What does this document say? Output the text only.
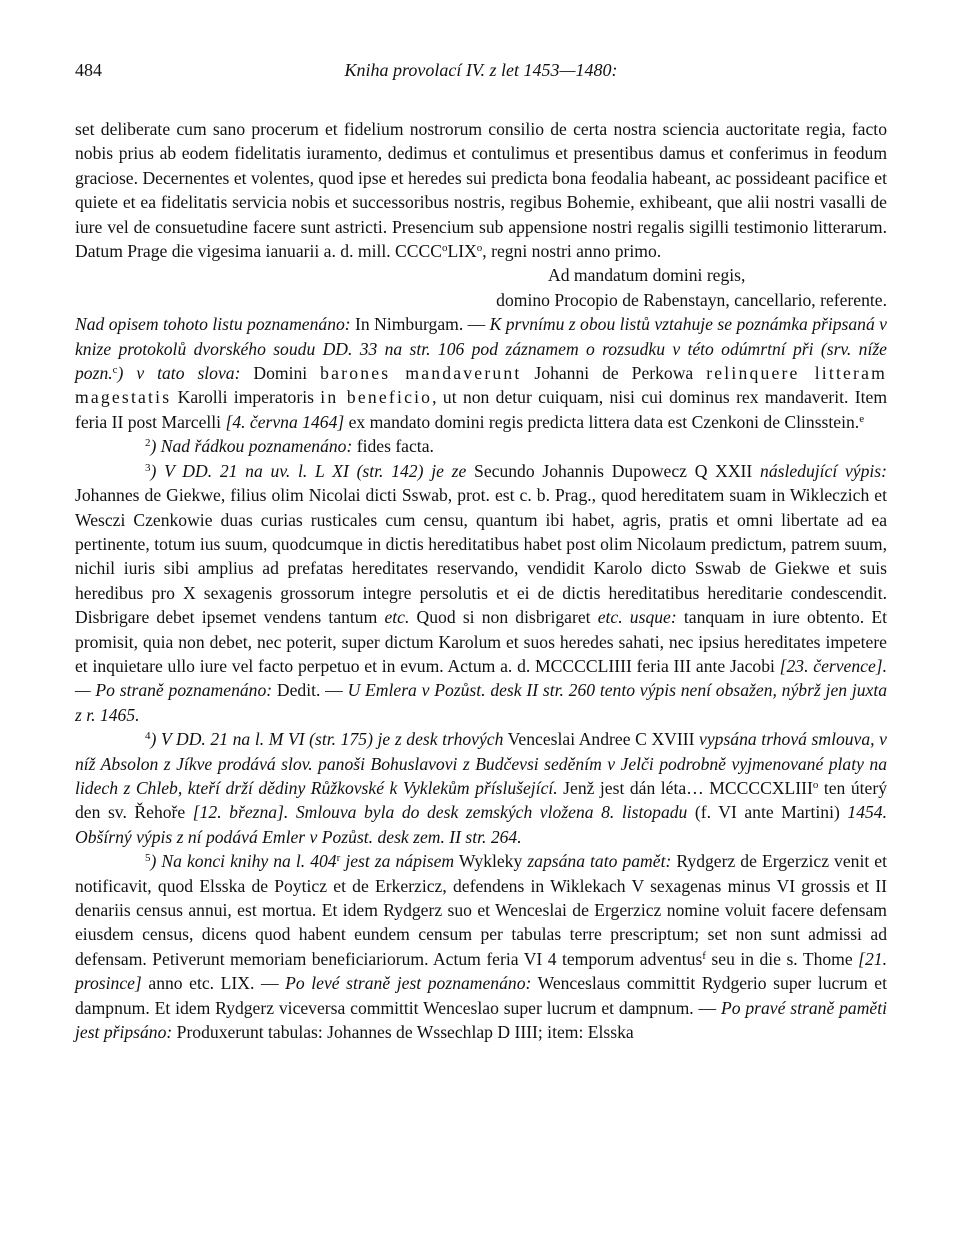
484	Kniha provolací IV. z let 1453—1480:

set deliberate cum sano procerum et fidelium nostrorum consilio de certa nostra sciencia auctoritate regia, facto nobis prius ab eodem fidelitatis iuramento, dedimus et contulimus et presentibus damus et conferimus in feodum graciose. Decernentes et volentes, quod ipse et heredes sui predicta bona feodalia habeant, ac possideant pacifice et quiete et ea fidelitatis servicia nobis et successoribus nostris, regibus Bohemie, exhibeant, que alii nostri vasalli de iure vel de consuetudine facere sunt astricti. Presencium sub appensione nostri regalis sigilli testimonio litterarum. Datum Prage die vigesima ianuarii a. d. mill. CCCC$^o$LIX$^o$, regni nostri anno primo.

Ad mandatum domini regis,

domino Procopio de Rabenstayn, cancellario, referente.

Nad opisem tohoto listu poznamenáno: In Nimburgam. — K prvnímu z obou listů vztahuje se poznámka připsaná v knize protokolů dvorského soudu DD. 33 na str. 106 pod záznamem o rozsudku v této odúmrtní při (srv. níže pozn.$^c$) v tato slova: Domini barones mandaverunt Johanni de Perkowa relinquere litteram magestatis Karolli imperatoris in beneficio, ut non detur cuiquam, nisi cui dominus rex mandaverit. Item feria II post Marcelli [4. června 1464] ex mandato domini regis predicta littera data est Czenkoni de Clinsstein.$^e$

$^2$) Nad řádkou poznamenáno: fides facta.

$^3$) V DD. 21 na uv. l. L XI (str. 142) je ze Secundo Johannis Dupowecz Q XXII následující výpis: Johannes de Giekwe, filius olim Nicolai dicti Sswab, prot. est c. b. Prag., quod hereditatem suam in Wikleczich et Wesczi Czenkowie duas curias rusticales cum censu, quantum ibi habet, agris, pratis et omni libertate ad ea pertinente, totum ius suum, quodcumque in dictis hereditatibus habet post olim Nicolaum predictum, patrem suum, nichil iuris sibi amplius ad prefatas hereditates reservando, vendidit Karolo dicto Sswab de Giekwe et suis heredibus pro X sexagenis grossorum integre persolutis et ei de dictis hereditatibus hereditarie condescendit. Disbrigare debet ipsemet vendens tantum etc. Quod si non disbrigaret etc. usque: tanquam in iure obtento. Et promisit, quia non debet, nec poterit, super dictum Karolum et suos heredes sahati, nec ipsius hereditates impetere et inquietare ullo iure vel facto perpetuo et in evum. Actum a. d. MCCCCLIIII feria III ante Jacobi [23. července]. — Po straně poznamenáno: Dedit. — U Emlera v Pozůst. desk II str. 260 tento výpis není obsažen, nýbrž jen juxta z r. 1465.

$^4$) V DD. 21 na l. M VI (str. 175) je z desk trhových Venceslai Andree C XVIII vypsána trhová smlouva, v níž Absolon z Jíkve prodává slov. panoši Bohuslavovi z Budčevsi seděním v Jelči podrobně vyjmenované platy na lidech z Chleb, kteří drží dědiny Růžkovské k Vyklekům příslušející. Jenž jest dán léta… MCCCCXLIII$^o$ ten úterý den sv. Řehoře [12. března]. Smlouva byla do desk zemských vložena 8. listopadu (f. VI ante Martini) 1454. Obšírný výpis z ní podává Emler v Pozůst. desk zem. II str. 264.

$^5$) Na konci knihy na l. 404$^r$ jest za nápisem Wykleky zapsána tato pamět: Rydgerz de Ergerzicz venit et notificavit, quod Elsska de Poyticz et de Erkerzicz, defendens in Wiklekach V sexagenas minus VI grossis et II denariis census annui, est mortua. Et idem Rydgerz suo et Wenceslai de Ergerzicz nomine voluit facere defensam eiusdem census, dicens quod habent eundem censum per tabulas terre prescriptum; set non sunt admissi ad defensam. Petiverunt memoriam beneficiariorum. Actum feria VI 4 temporum adventus$^f$ seu in die s. Thome [21. prosince] anno etc. LIX. — Po levé straně jest poznamenáno: Wenceslaus committit Rydgerio super lucrum et dampnum. Et idem Rydgerz viceversa committit Wenceslao super lucrum et dampnum. — Po pravé straně paměti jest připsáno: Produxerunt tabulas: Johannes de Wssechlap D IIII; item: Elsska
